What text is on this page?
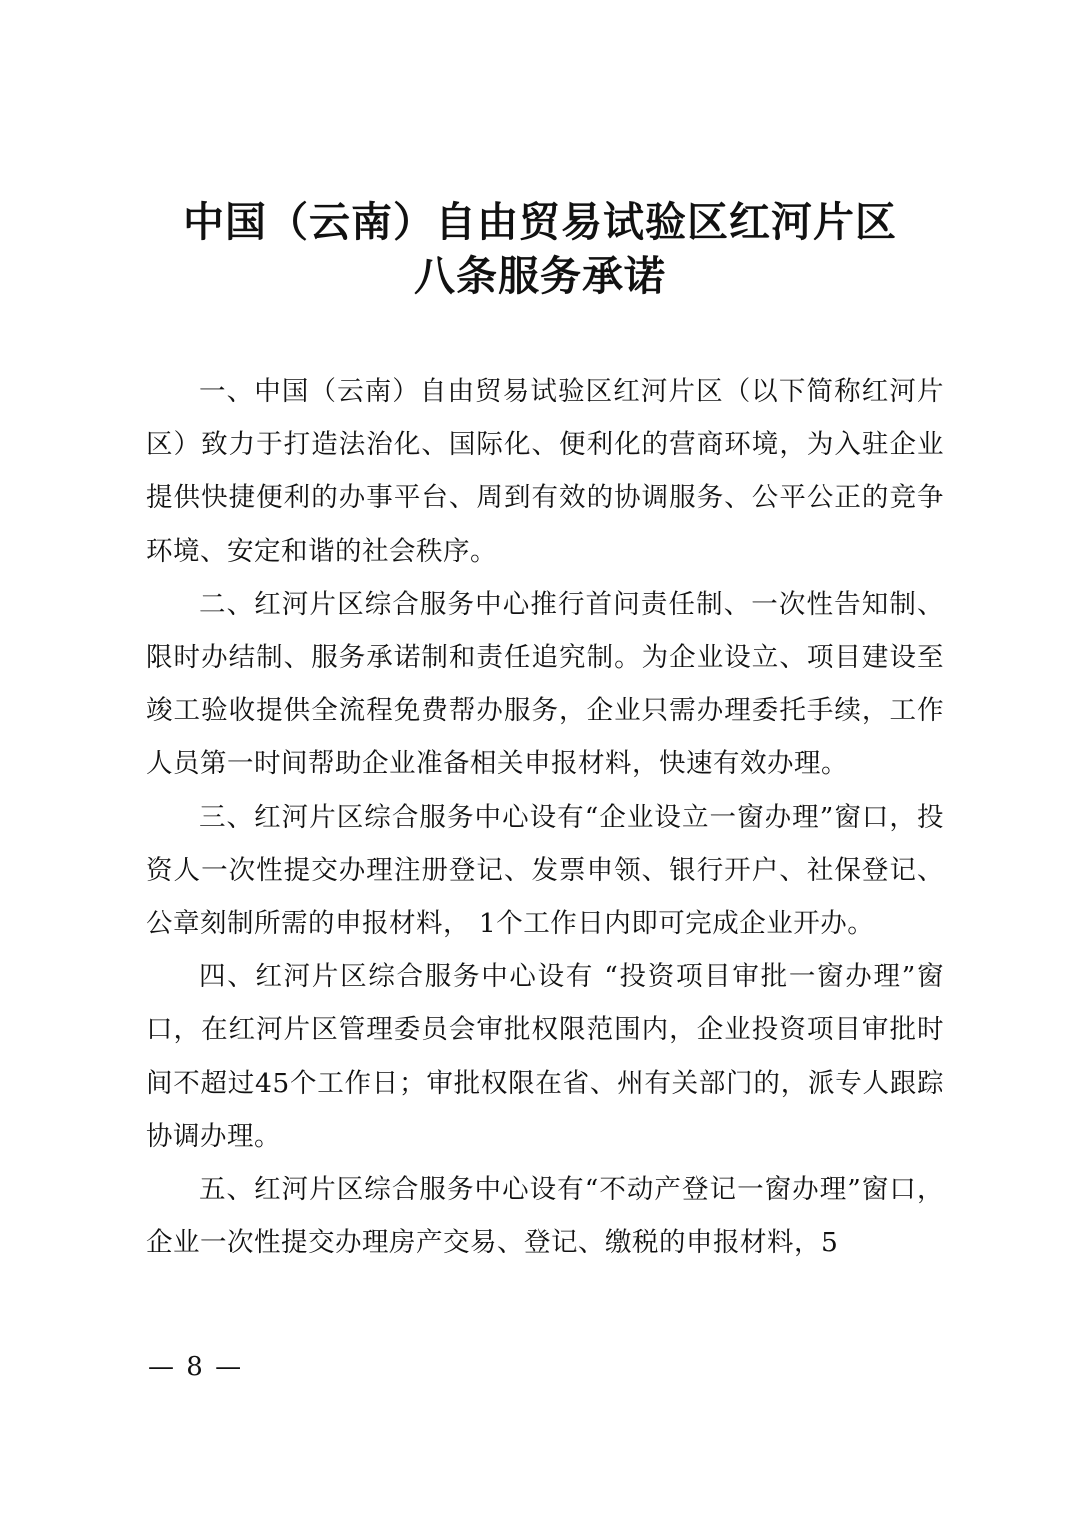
中国（云南）自由贸易试验区红河片区
八条服务承诺

一、中国（云南）自由贸易试验区红河片区（以下简称红河片区）致力于打造法治化、国际化、便利化的营商环境，为入驻企业提供快捷便利的办事平台、周到有效的协调服务、公平公正的竞争环境、安定和谐的社会秩序。

二、红河片区综合服务中心推行首问责任制、一次性告知制、限时办结制、服务承诺制和责任追究制。为企业设立、项目建设至竣工验收提供全流程免费帮办服务，企业只需办理委托手续，工作人员第一时间帮助企业准备相关申报材料，快速有效办理。

三、红河片区综合服务中心设有“企业设立一窗办理”窗口，投资人一次性提交办理注册登记、发票申领、银行开户、社保登记、公章刻制所需的申报材料， 1个工作日内即可完成企业开办。

四、红河片区综合服务中心设有 “投资项目审批一窗办理”窗口，在红河片区管理委员会审批权限范围内，企业投资项目审批时间不超过45个工作日；审批权限在省、州有关部门的，派专人跟踪协调办理。

五、红河片区综合服务中心设有“不动产登记一窗办理”窗口，企业一次性提交办理房产交易、登记、缴税的申报材料，5

— 8 —
